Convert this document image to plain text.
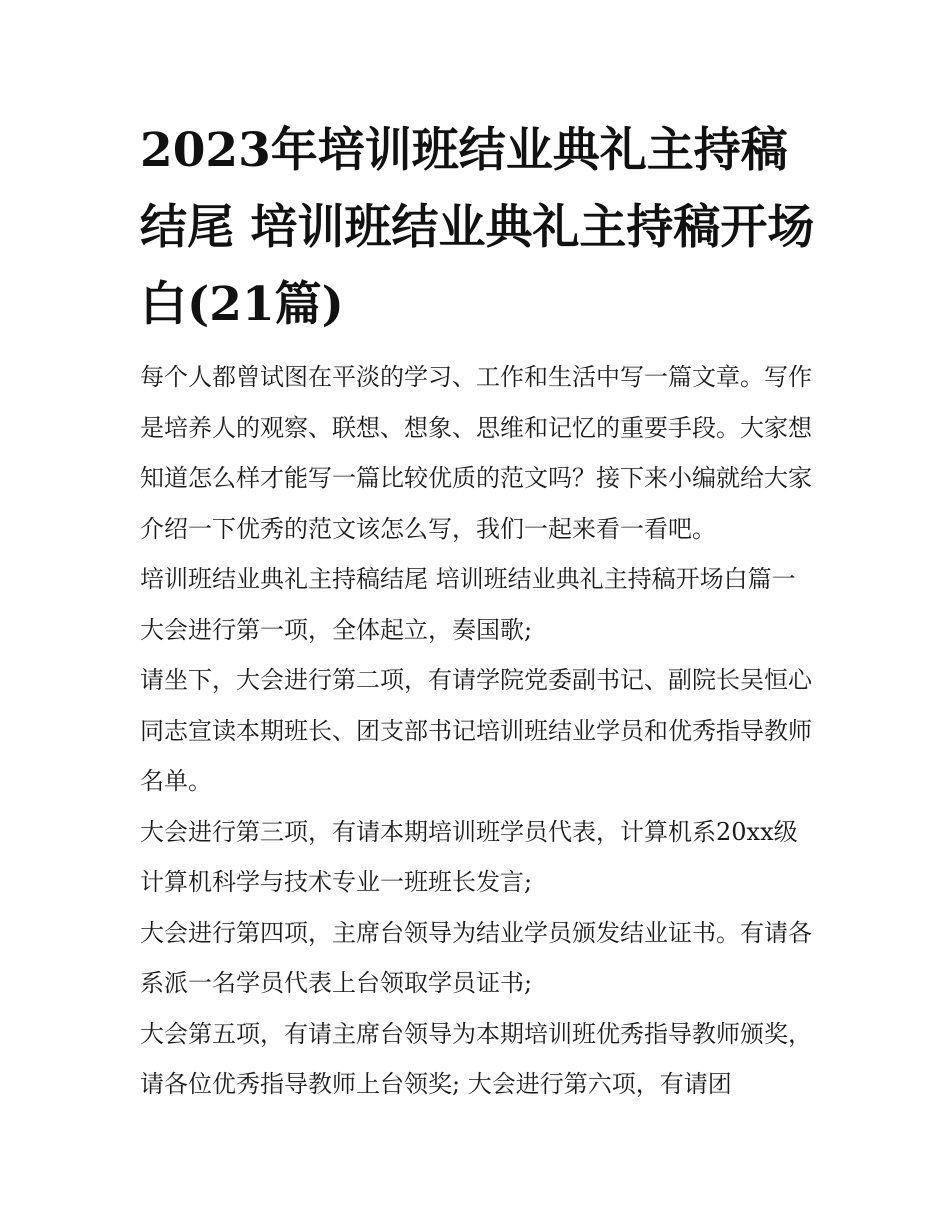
2023年培训班结业典礼主持稿结尾 培训班结业典礼主持稿开场白(21篇)

每个人都曾试图在平淡的学习、工作和生活中写一篇文章。写作是培养人的观察、联想、想象、思维和记忆的重要手段。大家想知道怎么样才能写一篇比较优质的范文吗？接下来小编就给大家介绍一下优秀的范文该怎么写，我们一起来看一看吧。

培训班结业典礼主持稿结尾 培训班结业典礼主持稿开场白篇一 大会进行第一项，全体起立，奏国歌;

请坐下，大会进行第二项，有请学院党委副书记、副院长吴恒心同志宣读本期班长、团支部书记培训班结业学员和优秀指导教师名单。

大会进行第三项，有请本期培训班学员代表，计算机系20xx级计算机科学与技术专业一班班长发言;

大会进行第四项，主席台领导为结业学员颁发结业证书。有请各系派一名学员代表上台领取学员证书;

大会第五项，有请主席台领导为本期培训班优秀指导教师颁奖，请各位优秀指导教师上台领奖; 大会进行第六项，有请团
